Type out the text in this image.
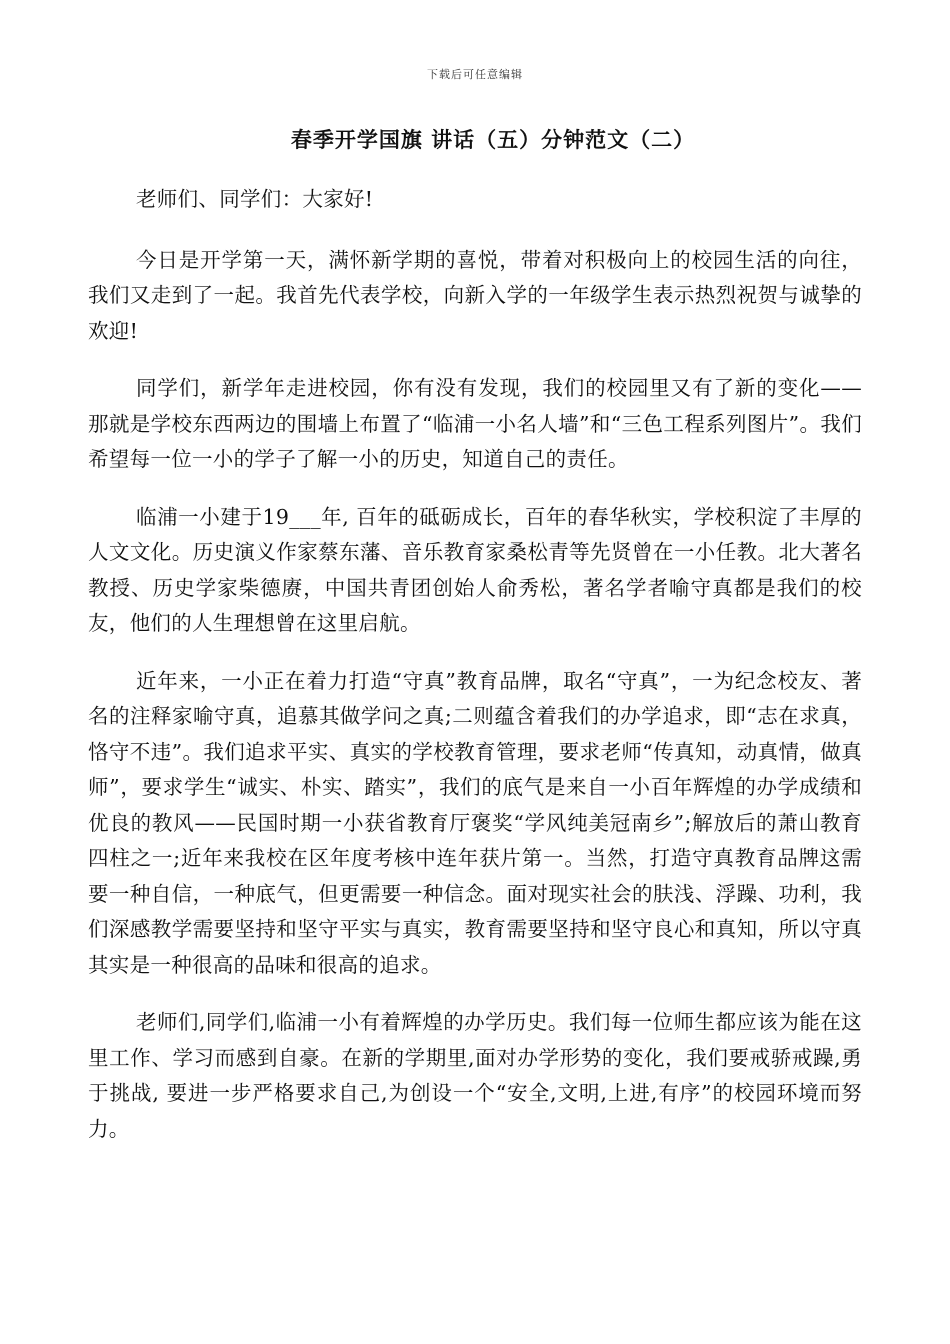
下载后可任意编辑
春季开学国旗 讲话（五）分钟范文（二）

老师们、同学们：大家好!

今日是开学第一天，满怀新学期的喜悦，带着对积极向上的校园生活的向往，我们又走到了一起。我首先代表学校，向新入学的一年级学生表示热烈祝贺与诚挚的欢迎!

同学们，新学年走进校园，你有没有发现，我们的校园里又有了新的变化——那就是学校东西两边的围墙上布置了“临浦一小名人墙”和“三色工程系列图片”。我们希望每一位一小的学子了解一小的历史，知道自己的责任。

临浦一小建于19___年, 百年的砥砺成长，百年的春华秋实，学校积淀了丰厚的人文文化。历史演义作家蔡东藩、音乐教育家桑松青等先贤曾在一小任教。北大著名教授、历史学家柴德赓，中国共青团创始人俞秀松，著名学者喻守真都是我们的校友，他们的人生理想曾在这里启航。

近年来，一小正在着力打造“守真”教育品牌，取名“守真”，一为纪念校友、著名的注释家喻守真，追慕其做学问之真;二则蕴含着我们的办学追求，即“志在求真，恪守不违”。我们追求平实、真实的学校教育管理，要求老师“传真知，动真情，做真师”，要求学生“诚实、朴实、踏实”，我们的底气是来自一小百年辉煌的办学成绩和优良的教风——民国时期一小获省教育厅褒奖“学风纯美冠南乡”;解放后的萧山教育四柱之一;近年来我校在区年度考核中连年获片第一。当然，打造守真教育品牌这需要一种自信，一种底气，但更需要一种信念。面对现实社会的肤浅、浮躁、功利，我们深感教学需要坚持和坚守平实与真实，教育需要坚持和坚守良心和真知，所以守真其实是一种很高的品味和很高的追求。

老师们,同学们,临浦一小有着辉煌的办学历史。我们每一位师生都应该为能在这里工作、学习而感到自豪。在新的学期里,面对办学形势的变化，我们要戒骄戒躁,勇于挑战, 要进一步严格要求自己,为创设一个“安全,文明,上进,有序”的校园环境而努力。
